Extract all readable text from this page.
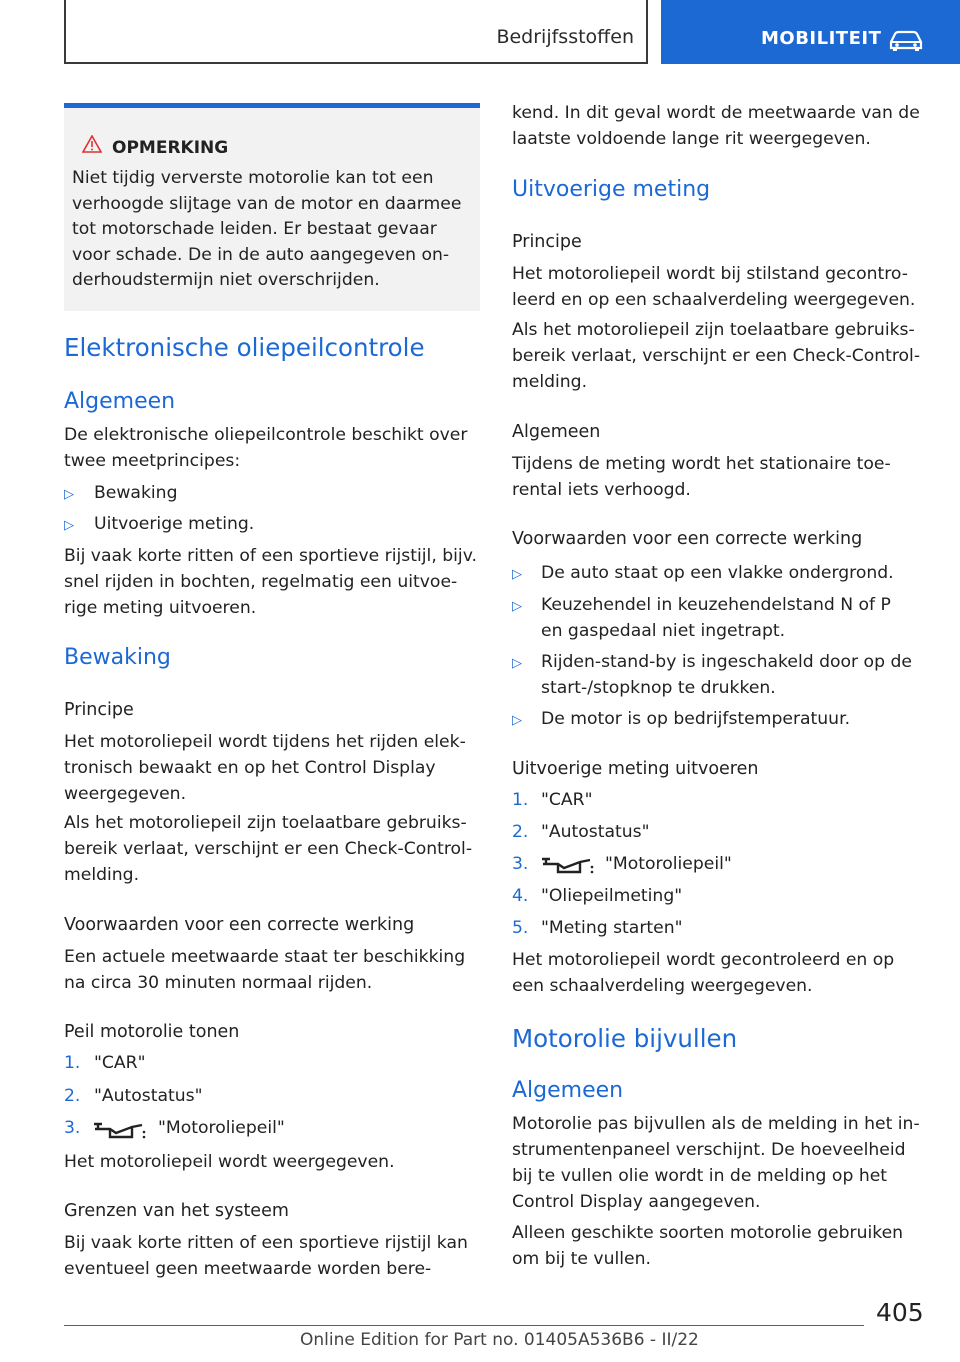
Bedrijfsstoffen	MOBILITEIT
OPMERKING
Niet tijdig ververste motorolie kan tot een verhoogde slijtage van de motor en daarmee tot motorschade leiden. Er bestaat gevaar voor schade. De in de auto aangegeven on-derhoudstermijn niet overschrijden.
Elektronische oliepeilcontrole
Algemeen
De elektronische oliepeilcontrole beschikt over
twee meetprincipes:
▷ Bewaking
▷ Uitvoerige meting.
Bij vaak korte ritten of een sportieve rijstijl, bijv.
snel rijden in bochten, regelmatig een uitvoe-
rige meting uitvoeren.
Bewaking
Principe
Het motoroliepeil wordt tijdens het rijden elek-
tronisch bewaakt en op het Control Display
weergegeven.
Als het motoroliepeil zijn toelaatbare gebruiks-
bereik verlaat, verschijnt er een Check-Control-
melding.
Voorwaarden voor een correcte werking
Een actuele meetwaarde staat ter beschikking
na circa 30 minuten normaal rijden.
Peil motorolie tonen
1. "CAR"
2. "Autostatus"
3.	"Motoroliepeil"
Het motoroliepeil wordt weergegeven.
Grenzen van het systeem
Bij vaak korte ritten of een sportieve rijstijl kan
eventueel geen meetwaarde worden bere-
kend. In dit geval wordt de meetwaarde van de
laatste voldoende lange rit weergegeven.
Uitvoerige meting
Principe
Het motoroliepeil wordt bij stilstand gecontro-
leerd en op een schaalverdeling weergegeven.
Als het motoroliepeil zijn toelaatbare gebruiks-
bereik verlaat, verschijnt er een Check-Control-
melding.
Algemeen
Tijdens de meting wordt het stationaire toe-
rental iets verhoogd.
Voorwaarden voor een correcte werking
▷ De auto staat op een vlakke ondergrond.
▷ Keuzehendel in keuzehendelstand N of P
en gaspedaal niet ingetrapt.
▷ Rijden-stand-by is ingeschakeld door op de
start-/stopknop te drukken.
▷ De motor is op bedrijfstemperatuur.
Uitvoerige meting uitvoeren
1. "CAR"
2. "Autostatus"
3.	"Motoroliepeil"
4. "Oliepeilmeting"
5. "Meting starten"
Het motoroliepeil wordt gecontroleerd en op
een schaalverdeling weergegeven.
Motorolie bijvullen
Algemeen
Motorolie pas bijvullen als de melding in het in-
strumentenpaneel verschijnt. De hoeveelheid
bij te vullen olie wordt in de melding op het
Control Display aangegeven.
Alleen geschikte soorten motorolie gebruiken
om bij te vullen.
405
Online Edition for Part no. 01405A536B6 - II/22
